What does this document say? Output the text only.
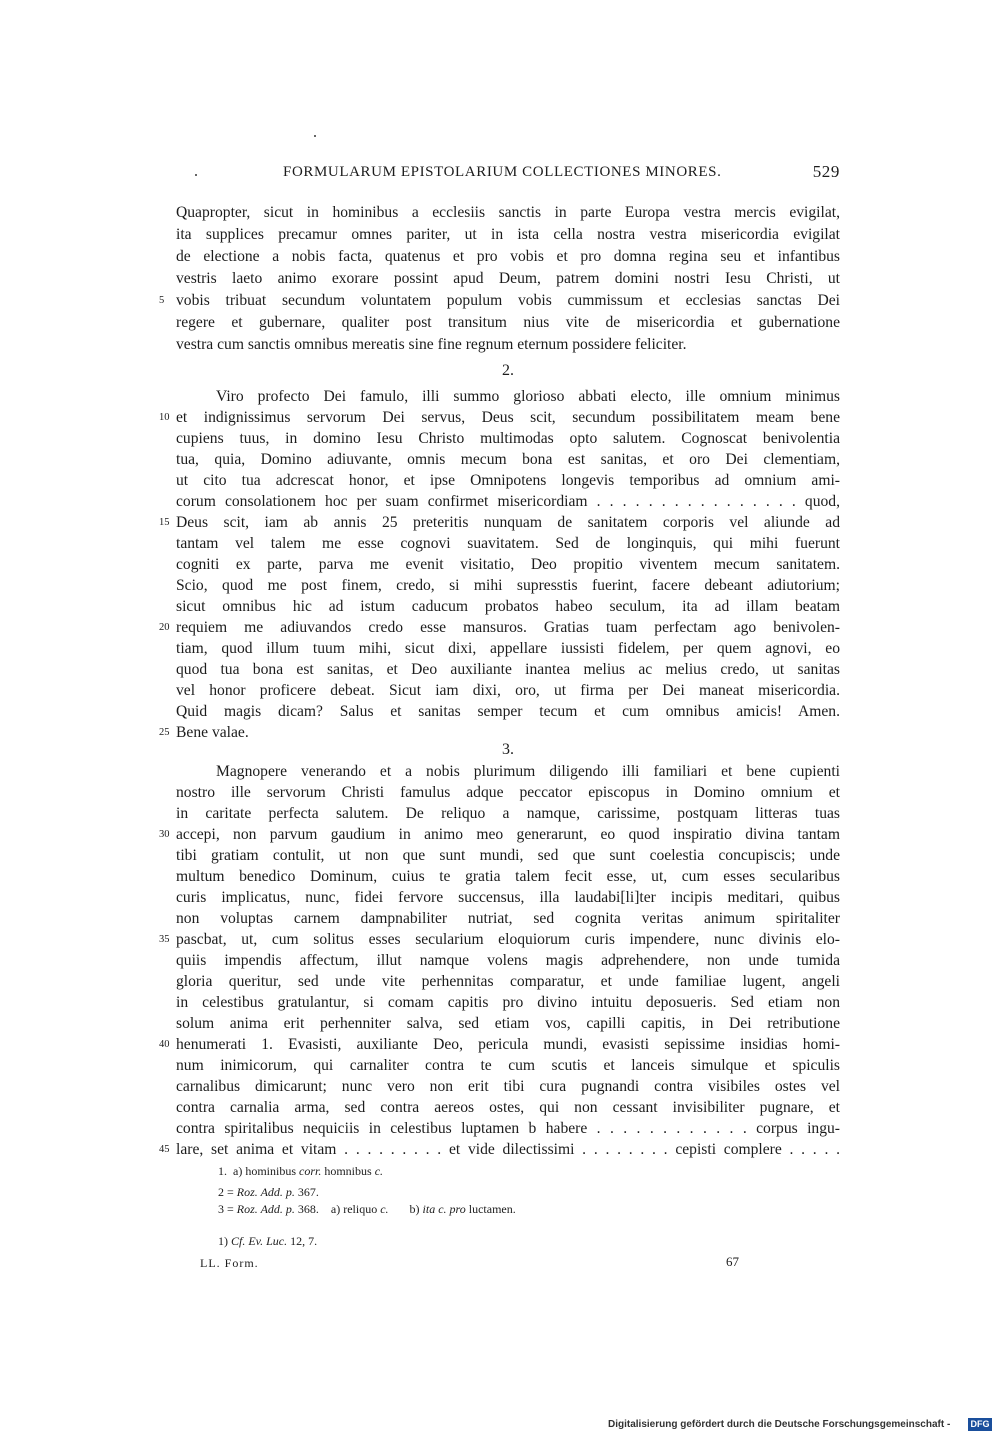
FORMULARUM EPISTOLARIUM COLLECTIONES MINORES.	529
Quapropter, sicut in hominibus a ecclesiis sanctis in parte Europa vestra mercis evigilat,
ita supplices precamur omnes pariter, ut in ista cella nostra vestra misericordia evigilat
de electione a nobis facta, quatenus et pro vobis et pro domna regina seu et infantibus
vestris laeto animo exorare possint apud Deum, patrem domini nostri Iesu Christi, ut
5 vobis tribuat secundum voluntatem populum vobis cummissum et ecclesias sanctas Dei
regere et gubernare, qualiter post transitum nius vite de misericordia et gubernatione
vestra cum sanctis omnibus mereatis sine fine regnum eternum possidere feliciter.
2.
Viro profecto Dei famulo, illi summo glorioso abbati electo, ille omnium minimus
10 et indignissimus servorum Dei servus, Deus scit, secundum possibilitatem meam bene
cupiens tuus, in domino Iesu Christo multimodas opto salutem. Cognoscat benivolentia
tua, quia, Domino adiuvante, omnis mecum bona est sanitas, et oro Dei clementiam,
ut cito tua adcrescat honor, et ipse Omnipotens longevis temporibus ad omnium ami-
corum consolationem hoc per suam confirmet misericordiam . . . . . . . . . . . . . . . . quod,
15 Deus scit, iam ab annis 25 preteritis nunquam de sanitatem corporis vel aliunde ad
tantam vel talem me esse cognovi suavitatem. Sed de longinquis, qui mihi fuerunt
cogniti ex parte, parva me evenit visitatio, Deo propitio viventem mecum sanitatem.
Scio, quod me post finem, credo, si mihi supresstis fuerint, facere debeant adiutorium;
sicut omnibus hic ad istum caducum probatos habeo seculum, ita ad illam beatam
20 requiem me adiuvandos credo esse mansuros. Gratias tuam perfectam ago benivolen-
tiam, quod illum tuum mihi, sicut dixi, appellare iussisti fidelem, per quem agnovi, eo
quod tua bona est sanitas, et Deo auxiliante inantea melius ac melius credo, ut sanitas
vel honor proficere debeat. Sicut iam dixi, oro, ut firma per Dei maneat misericordia.
Quid magis dicam? Salus et sanitas semper tecum et cum omnibus amicis! Amen.
25 Bene valae.
3.
Magnopere venerando et a nobis plurimum diligendo illi familiari et bene cupienti
nostro ille servorum Christi famulus adque peccator episcopus in Domino omnium et
in caritate perfecta salutem. De reliquo a namque, carissime, postquam litteras tuas
30 accepi, non parvum gaudium in animo meo generarunt, eo quod inspiratio divina tantam
tibi gratiam contulit, ut non que sunt mundi, sed que sunt coelestia concupiscis; unde
multum benedico Dominum, cuius te gratia talem fecit esse, ut, cum esses secularibus
curis implicatus, nunc, fidei fervore succensus, illa laudabi[li]ter incipis meditari, quibus
non voluptas carnem dampnabiliter nutriat, sed cognita veritas animum spiritaliter
35 pascbat, ut, cum solitus esses secularium eloquiorum curis impendere, nunc divinis elo-
quiis impendis affectum, illut namque volens magis adprehendere, non unde tumida
gloria queritur, sed unde vite perhennitas comparatur, et unde familiae lugent, angeli
in celestibus gratulantur, si comam capitis pro divino intuitu deposueris. Sed etiam non
solum anima erit perhenniter salva, sed etiam vos, capilli capitis, in Dei retributione
40 henumerati 1. Evasisti, auxiliante Deo, pericula mundi, evasisti sepissime insidias homi-
num inimicorum, qui carnaliter contra te cum scutis et lanceis simulque et spiculis
carnalibus dimicarunt; nunc vero non erit tibi cura pugnandi contra visibiles ostes vel
contra carnalia arma, sed contra aereos ostes, qui non cessant invisibiliter pugnare, et
contra spiritalibus nequiciis in celestibus luptamen b habere . . . . . . . . . . . . corpus ingu-
45 lare, set anima et vitam . . . . . . . . . et vide dilectissimi . . . . . . . . cepisti complere . . . . .
1. a) hominibus corr. homnibus c.
2 = Roz. Add. p. 367.
3 = Roz. Add. p. 368. a) reliquo c. b) ita c. pro luctamen.
1) Cf. Ev. Luc. 12, 7.
LL. Form.	67
Digitalisierung gefördert durch die Deutsche Forschungsgemeinschaft - DFG
